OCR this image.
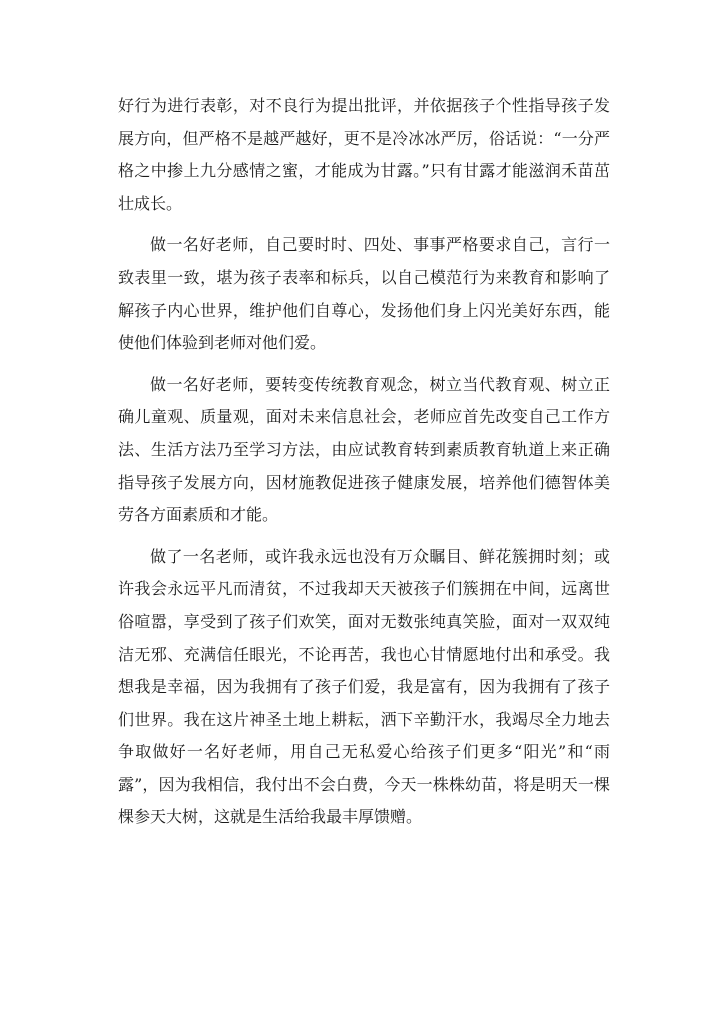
好行为进行表彰，对不良行为提出批评，并依据孩子个性指导孩子发展方向，但严格不是越严越好，更不是冷冰冰严厉，俗话说：“一分严格之中掺上九分感情之蜜，才能成为甘露。”只有甘露才能滋润禾苗茁壮成长。

做一名好老师，自己要时时、四处、事事严格要求自己，言行一致表里一致，堪为孩子表率和标兵，以自己模范行为来教育和影响了解孩子内心世界，维护他们自尊心，发扬他们身上闪光美好东西，能使他们体验到老师对他们爱。

做一名好老师，要转变传统教育观念，树立当代教育观、树立正确儿童观、质量观，面对未来信息社会，老师应首先改变自己工作方法、生活方法乃至学习方法，由应试教育转到素质教育轨道上来正确指导孩子发展方向，因材施教促进孩子健康发展，培养他们德智体美劳各方面素质和才能。

做了一名老师，或许我永远也没有万众瞩目、鲜花簇拥时刻；或许我会永远平凡而清贫，不过我却天天被孩子们簇拥在中间，远离世俗喧嚣，享受到了孩子们欢笑，面对无数张纯真笑脸，面对一双双纯洁无邪、充满信任眼光，不论再苦，我也心甘情愿地付出和承受。我想我是幸福，因为我拥有了孩子们爱，我是富有，因为我拥有了孩子们世界。我在这片神圣土地上耕耘，洒下辛勤汗水，我竭尽全力地去争取做好一名好老师，用自己无私爱心给孩子们更多“阳光”和“雨露”，因为我相信，我付出不会白费，今天一株株幼苗，将是明天一棵棵参天大树，这就是生活给我最丰厚馈赠。
